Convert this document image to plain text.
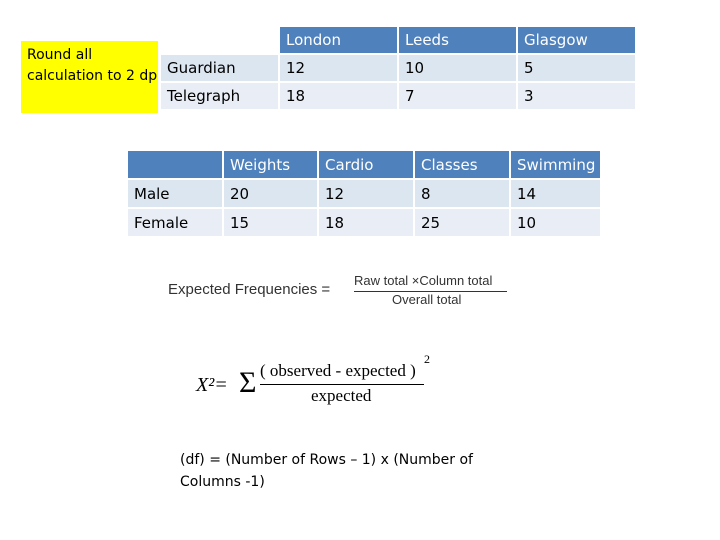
Round all calculation to 2 dp
	London	Leeds	Glasgow
Guardian	12	10	5
Telegraph	18	7	3
	Weights	Cardio	Classes	Swimming
Male	20	12	8	14
Female	15	18	25	10
Expected Frequencies =
Raw total ×Column total
Overall total
X²= Σ ( observed - expected )
2
expected
(df) = (Number of Rows – 1) x (Number of Columns -1)
